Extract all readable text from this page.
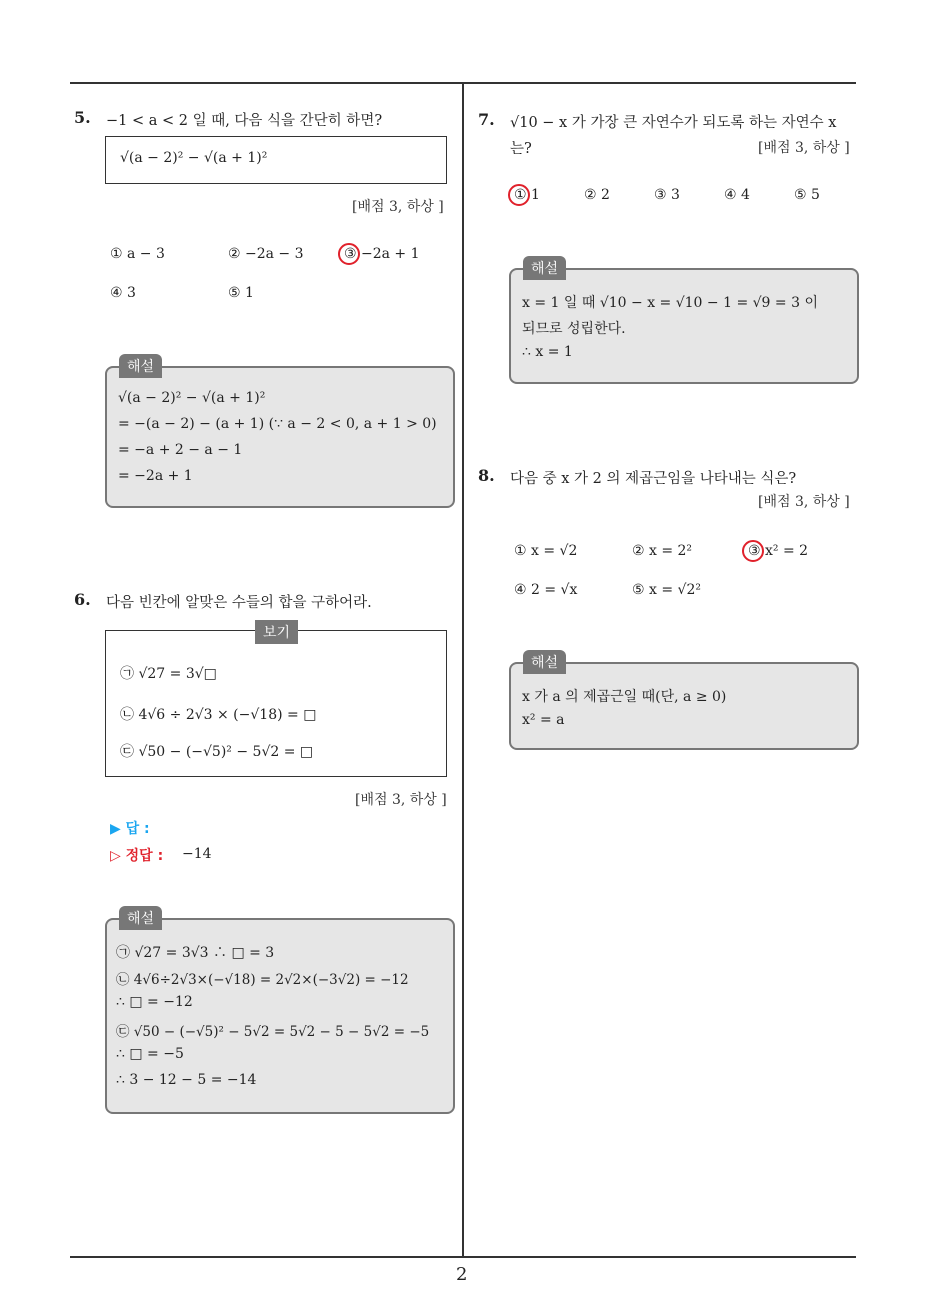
2
5. −1 < a < 2 일 때, 다음 식을 간단히 하면?
√(a − 2)² − √(a + 1)²
[배점 3, 하상 ]
① a − 3	② −2a − 3	③ −2a + 1
④ 3	⑤ 1
해설
√(a − 2)² − √(a + 1)²
= −(a − 2) − (a + 1) (∵ a − 2 < 0, a + 1 > 0)
= −a + 2 − a − 1
= −2a + 1
6. 다음 빈칸에 알맞은 수들의 합을 구하어라.
㉠ √27 = 3√□
㉡ 4√6 ÷ 2√3 × (−√18) = □
㉢ √50 − (−√5)² − 5√2 = □
보기
[배점 3, 하상 ]
▶ 답 :
▷ 정답 : −14
해설
㉠ √27 = 3√3 ∴ □ = 3
㉡ 4√6÷2√3×(−√18) = 2√2×(−3√2) = −12
∴ □ = −12
㉢ √50 − (−√5)² − 5√2 = 5√2 − 5 − 5√2 = −5
∴ □ = −5
∴ 3 − 12 − 5 = −14
7. √10 − x 가 가장 큰 자연수가 되도록 하는 자연수 x
는?	[배점 3, 하상 ]
① 1	② 2	③ 3	④ 4	⑤ 5
해설
x = 1 일 때 √10 − x = √10 − 1 = √9 = 3 이
되므로 성립한다.
∴ x = 1
8. 다음 중 x 가 2 의 제곱근임을 나타내는 식은?
[배점 3, 하상 ]
① x = √2	② x = 2²	③ x² = 2
④ 2 = √x	⑤ x = √2²
해설
x 가 a 의 제곱근일 때(단, a ≥ 0)
x² = a
